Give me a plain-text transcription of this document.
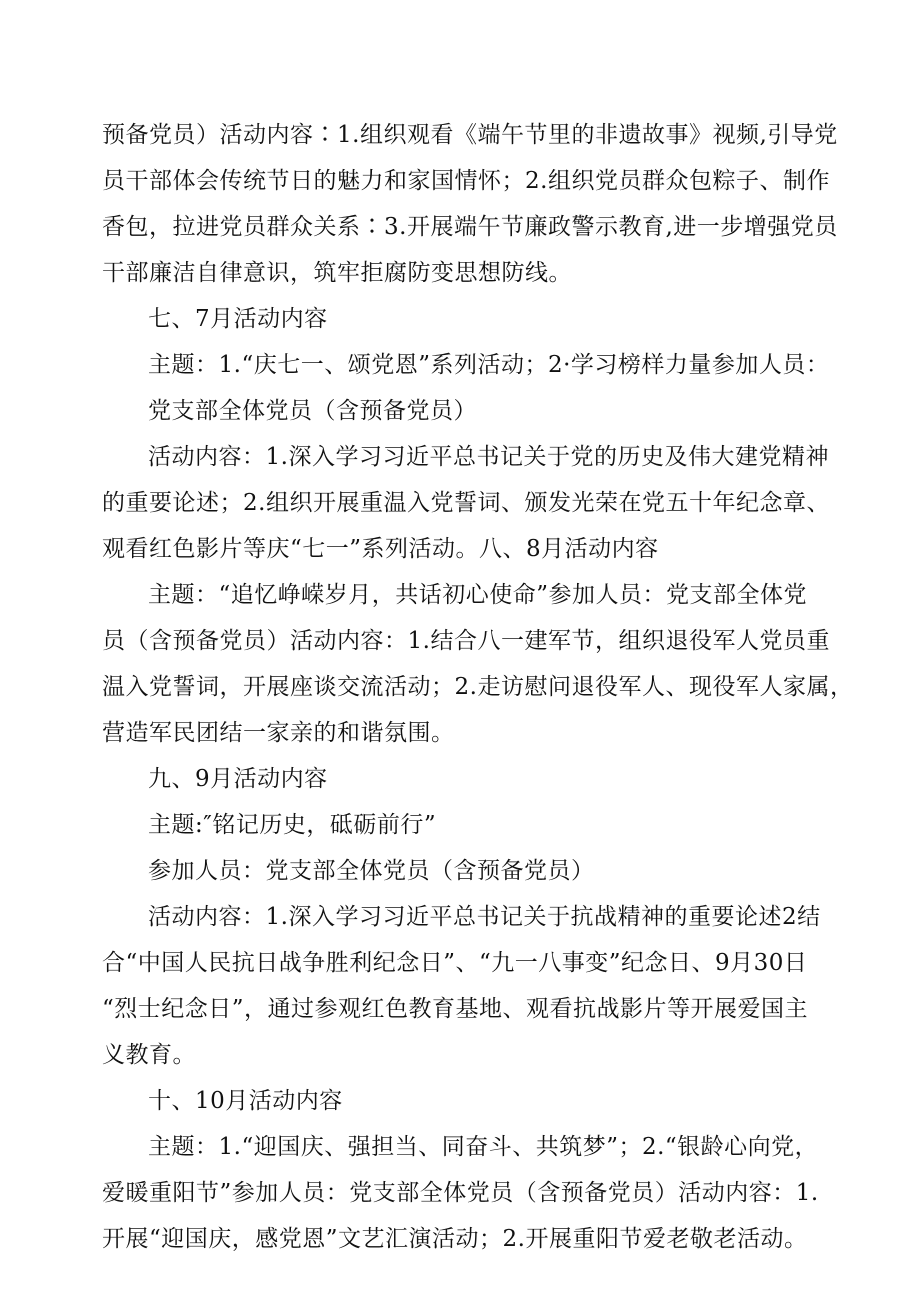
预备党员）活动内容∶1.组织观看《端午节里的非遗故事》视频,引导党
员干部体会传统节日的魅力和家国情怀；2.组织党员群众包粽子、制作
香包，拉进党员群众关系∶3.开展端午节廉政警示教育,进一步增强党员
干部廉洁自律意识，筑牢拒腐防变思想防线。
七、7月活动内容
主题：1.“庆七一、颂党恩”系列活动；2·学习榜样力量参加人员：
党支部全体党员（含预备党员）
活动内容：1.深入学习习近平总书记关于党的历史及伟大建党精神
的重要论述；2.组织开展重温入党誓词、颁发光荣在党五十年纪念章、
观看红色影片等庆“七一”系列活动。八、8月活动内容
主题：“追忆峥嵘岁月，共话初心使命”参加人员：党支部全体党
员（含预备党员）活动内容：1.结合八一建军节，组织退役军人党员重
温入党誓词，开展座谈交流活动；2.走访慰问退役军人、现役军人家属，
营造军民团结一家亲的和谐氛围。
九、9月活动内容
主题:″铭记历史，砥砺前行”
参加人员：党支部全体党员（含预备党员）
活动内容：1.深入学习习近平总书记关于抗战精神的重要论述2结
合“中国人民抗日战争胜利纪念日”、“九一八事变”纪念日、9月30日
“烈士纪念日”，通过参观红色教育基地、观看抗战影片等开展爱国主
义教育。
十、10月活动内容
主题：1.“迎国庆、强担当、同奋斗、共筑梦”；2.“银龄心向党，
爱暖重阳节”参加人员：党支部全体党员（含预备党员）活动内容：1.
开展“迎国庆，感党恩”文艺汇演活动；2.开展重阳节爱老敬老活动。
